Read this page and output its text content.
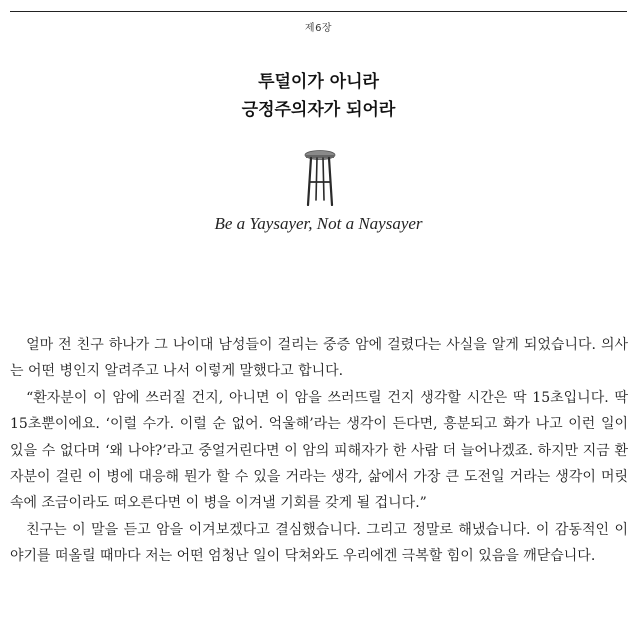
제6장
투덜이가 아니라
긍정주의자가 되어라
Be a Yaysayer, Not a Naysayer

얼마 전 친구 하나가 그 나이대 남성들이 걸리는 중증 암에 걸렸다는 사실을 알게 되었습니다. 의사는 어떤 병인지 알려주고 나서 이렇게 말했다고 합니다.

“환자분이 이 암에 쓰러질 건지, 아니면 이 암을 쓰러뜨릴 건지 생각할 시간은 딱 15초입니다. 딱 15초뿐이에요. ‘이럴 수가. 이럴 순 없어. 억울해’라는 생각이 든다면, 흥분되고 화가 나고 이런 일이 있을 수 없다며 ‘왜 나야?’라고 중얼거린다면 이 암의 피해자가 한 사람 더 늘어나겠죠. 하지만 지금 환자분이 걸린 이 병에 대응해 뭔가 할 수 있을 거라는 생각, 삶에서 가장 큰 도전일 거라는 생각이 머릿속에 조금이라도 떠오른다면 이 병을 이겨낼 기회를 갖게 될 겁니다.”

친구는 이 말을 듣고 암을 이겨보겠다고 결심했습니다. 그리고 정말로 해냈습니다. 이 감동적인 이야기를 떠올릴 때마다 저는 어떤 엄청난 일이 닥쳐와도 우리에겐 극복할 힘이 있음을 깨닫습니다.
